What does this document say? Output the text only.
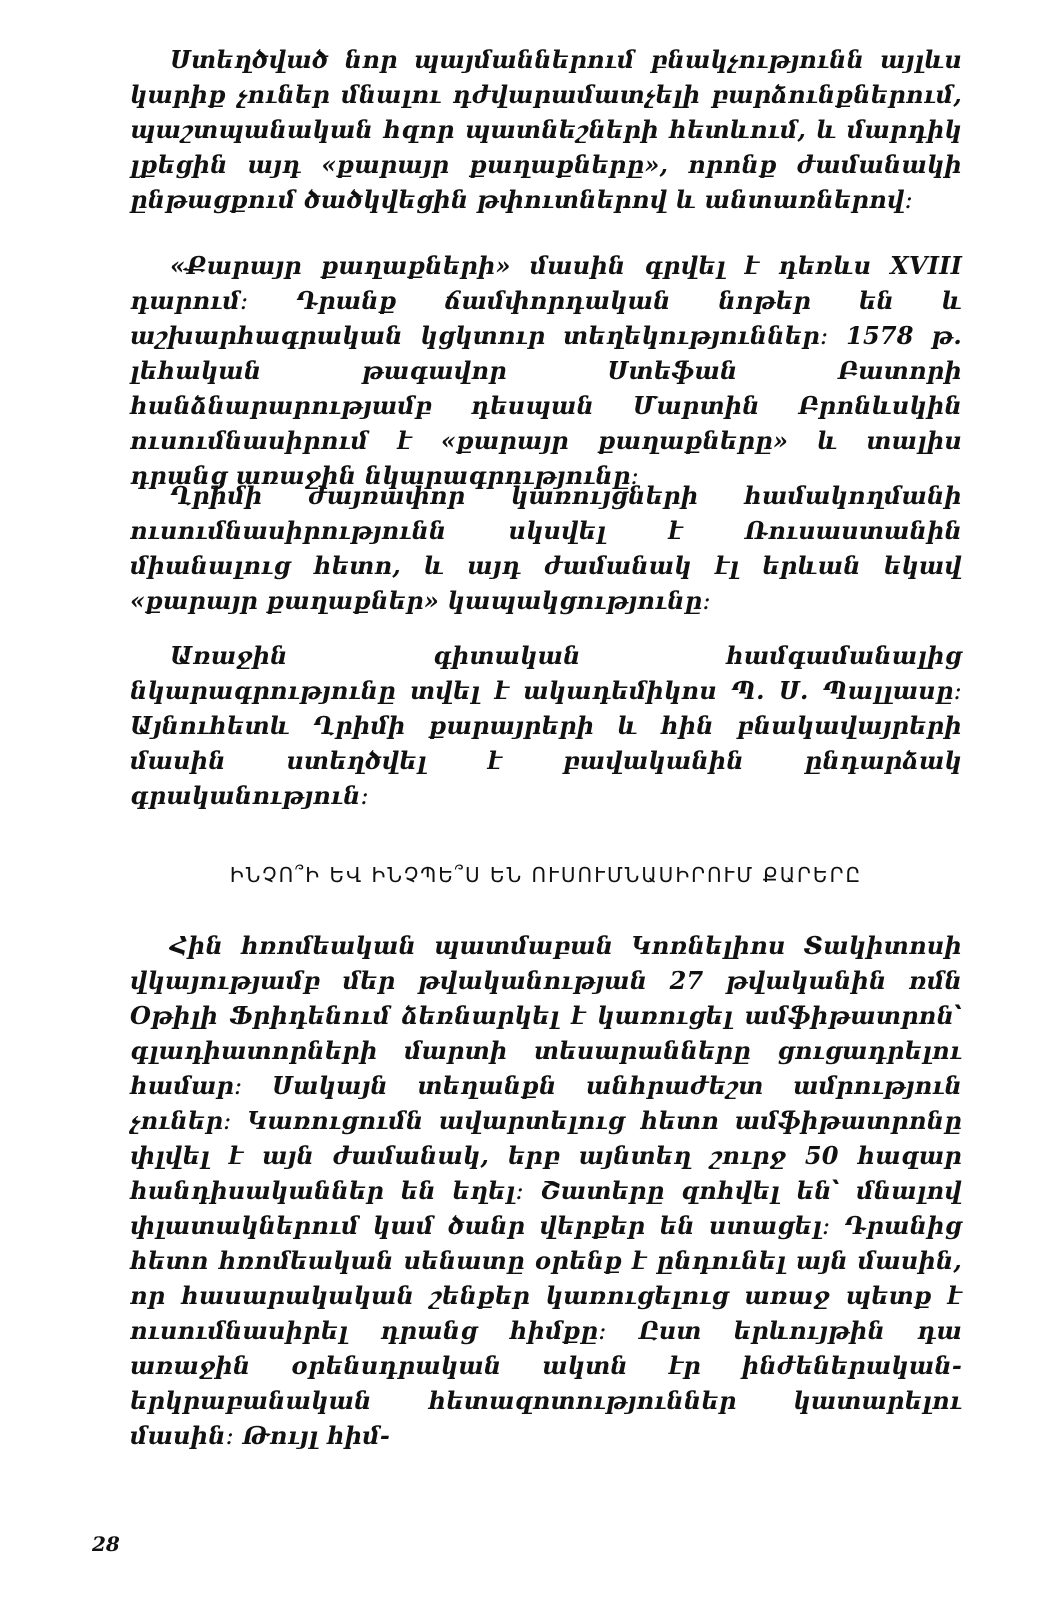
Ստեղծված նոր պայմաններում բնակչությունն այլևս կարիք չուներ մնալու դժվարամատչելի բարձունքներում, պաշտպանական հզոր պատնեշների հետևում, և մարդիկ լքեցին այդ «քարայր քաղաքները», որոնք ժամանակի ընթացքում ծածկվեցին թփուտներով և անտառներով։
«Քարայր քաղաքների» մասին գրվել է դեռևս XVIII դարում։ Դրանք ճամփորդական նոթեր են և աշխարհագրական կցկտուր տեղեկություններ։ 1578 թ. լեհական թագավոր Ստեֆան Բատորի հանձնարարությամբ դեսպան Մարտին Բրոնևսկին ուսումնասիրում է «քարայր քաղաքները» և տալիս դրանց առաջին նկարագրությունը։
Ղրիմի ժայռափոր կառույցների համակողմանի ուսումնասիրությունն սկսվել է Ռուսաստանին միանալուց հետո, և այդ ժամանակ էլ երևան եկավ «քարայր քաղաքներ» կապակցությունը։
Առաջին գիտական համգամանալից նկարագրությունը տվել է ակադեմիկոս Պ. Ս. Պալլասը։ Այնուհետև Ղրիմի քարայրերի և հին բնակավայրերի մասին ստեղծվել է բավականին ընդարձակ գրականություն։
ԻՆՉՈ՞Ի ԵՎ ԻՆՉՊԵ՞Ս ԵՆ ՈՒՍՈՒՄՆԱՍԻՐՈՒՄ ՔԱՐԵՐԸ
Հին հռոմեական պատմաբան Կոռնելիոս Տակիտոսի վկայությամբ մեր թվականության 27 թվականին ռմն Օթիլի Ֆրիդենում ձեռնարկել է կառուցել ամֆիթատրոն՝ գլադիատորների մարտի տեսարանները ցուցադրելու համար։ Սակայն տեղանքն անհրաժեշտ ամրություն չուներ։ Կառուցումն ավարտելուց հետո ամֆիթատրոնը փլվել է այն ժամանակ, երբ այնտեղ շուրջ 50 հազար հանդիսականներ են եղել։ Շատերը զոհվել են՝ մնալով փլատակներում կամ ծանր վերքեր են ստացել։ Դրանից հետո հռոմեական սենատը օրենք է ընդունել այն մասին, որ հասարակական շենքեր կառուցելուց առաջ պետք է ուսումնասիրել դրանց հիմքը։ Ըստ երևույթին դա առաջին օրենսդրական ակտն էր ինժեներական-երկրաբանական հետազոտություններ կատարելու մասին։ Թույլ հիմ-
28
